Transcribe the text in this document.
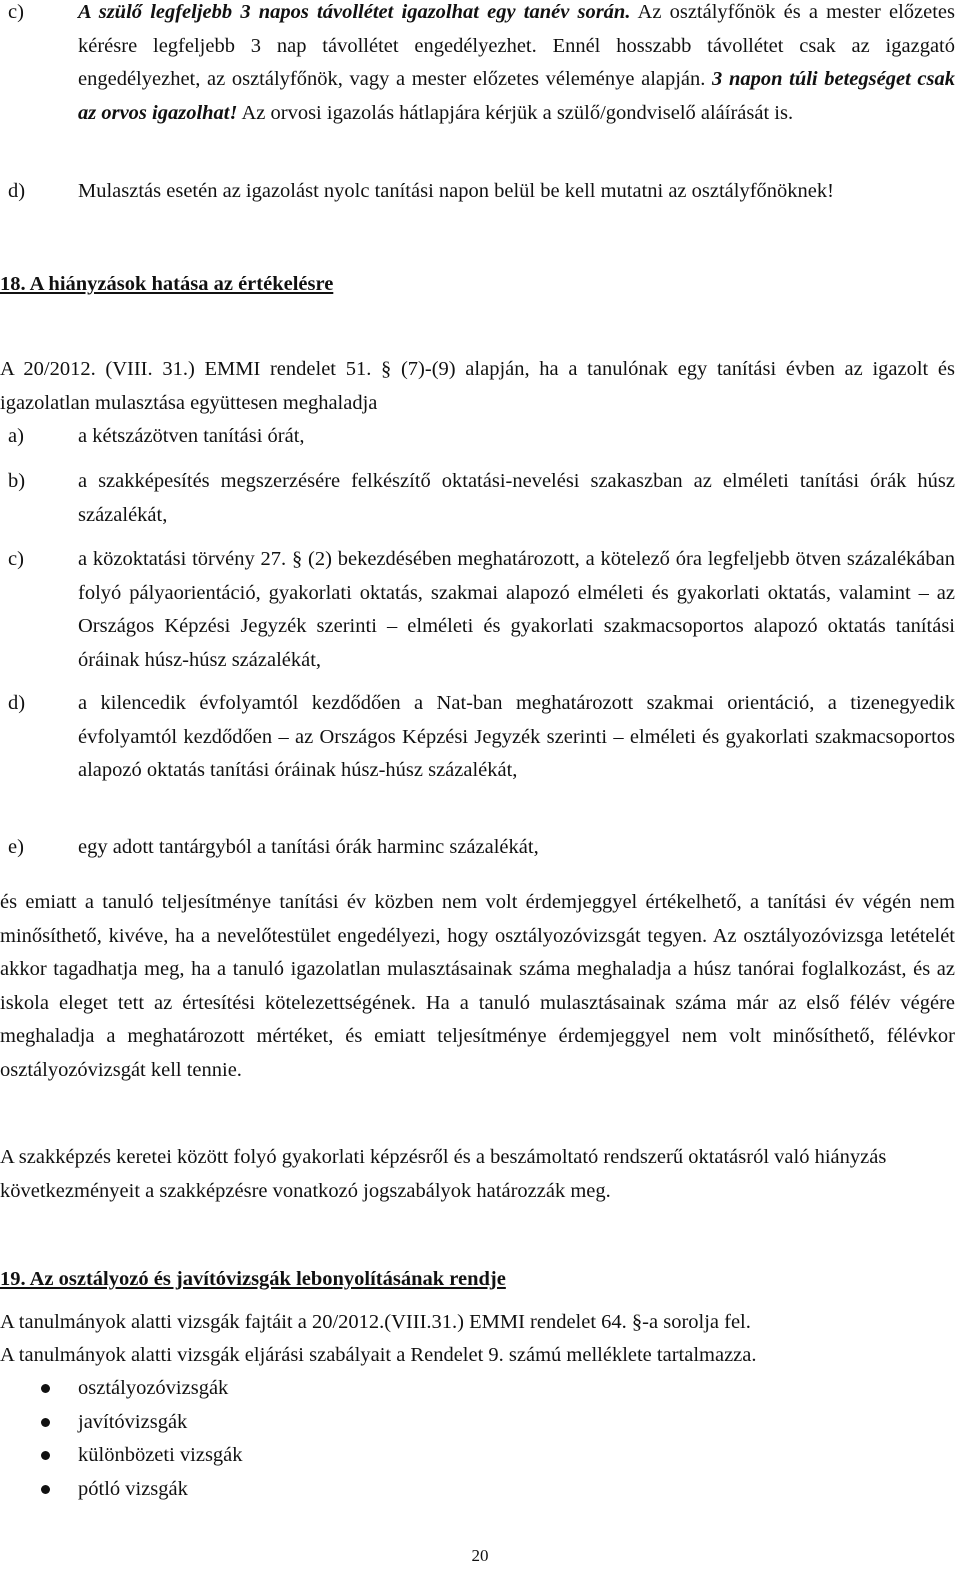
c)	A szülő legfeljebb 3 napos távollétet igazolhat egy tanév során. Az osztályfőnök és a mester előzetes kérésre legfeljebb 3 nap távollétet engedélyezhet. Ennél hosszabb távollétet csak az igazgató engedélyezhet, az osztályfőnök, vagy a mester előzetes véleménye alapján. 3 napon túli betegséget csak az orvos igazolhat! Az orvosi igazolás hátlapjára kérjük a szülő/gondviselő aláírását is.
d)	Mulasztás esetén az igazolást nyolc tanítási napon belül be kell mutatni az osztályfőnöknek!
18. A hiányzások hatása az értékelésre
A 20/2012. (VIII. 31.) EMMI rendelet 51. § (7)-(9) alapján, ha a tanulónak egy tanítási évben az igazolt és igazolatlan mulasztása együttesen meghaladja
a)	a kétszázötven tanítási órát,
b)	a szakképesítés megszerzésére felkészítő oktatási-nevelési szakaszban az elméleti tanítási órák húsz százalékát,
c)	a közoktatási törvény 27. § (2) bekezdésében meghatározott, a kötelező óra legfeljebb ötven százalékában folyó pályaorientáció, gyakorlati oktatás, szakmai alapozó elméleti és gyakorlati oktatás, valamint – az Országos Képzési Jegyzék szerinti – elméleti és gyakorlati szakmacsoportos alapozó oktatás tanítási óráinak húsz-húsz százalékát,
d)	a kilencedik évfolyamtól kezdődően a Nat-ban meghatározott szakmai orientáció, a tizenegyedik évfolyamtól kezdődően – az Országos Képzési Jegyzék szerinti – elméleti és gyakorlati szakmacsoportos alapozó oktatás tanítási óráinak húsz-húsz százalékát,
e)	egy adott tantárgyból a tanítási órák harminc százalékát,
és emiatt a tanuló teljesítménye tanítási év közben nem volt érdemjeggyel értékelhető, a tanítási év végén nem minősíthető, kivéve, ha a nevelőtestület engedélyezi, hogy osztályozóvizsgát tegyen. Az osztályozóvizsga letételét akkor tagadhatja meg, ha a tanuló igazolatlan mulasztásainak száma meghaladja a húsz tanórai foglalkozást, és az iskola eleget tett az értesítési kötelezettségének. Ha a tanuló mulasztásainak száma már az első félév végére meghaladja a meghatározott mértéket, és emiatt teljesítménye érdemjeggyel nem volt minősíthető, félévkor osztályozóvizsgát kell tennie.
A szakképzés keretei között folyó gyakorlati képzésről és a beszámoltató rendszerű oktatásról való hiányzás következményeit a szakképzésre vonatkozó jogszabályok határozzák meg.
19. Az osztályozó és javítóvizsgák lebonyolításának rendje
A tanulmányok alatti vizsgák fajtáit a 20/2012.(VIII.31.) EMMI rendelet 64. §-a sorolja fel.
A tanulmányok alatti vizsgák eljárási szabályait a Rendelet 9. számú melléklete tartalmazza.
osztályozóvizsgák
javítóvizsgák
különbözeti vizsgák
pótló vizsgák
20
